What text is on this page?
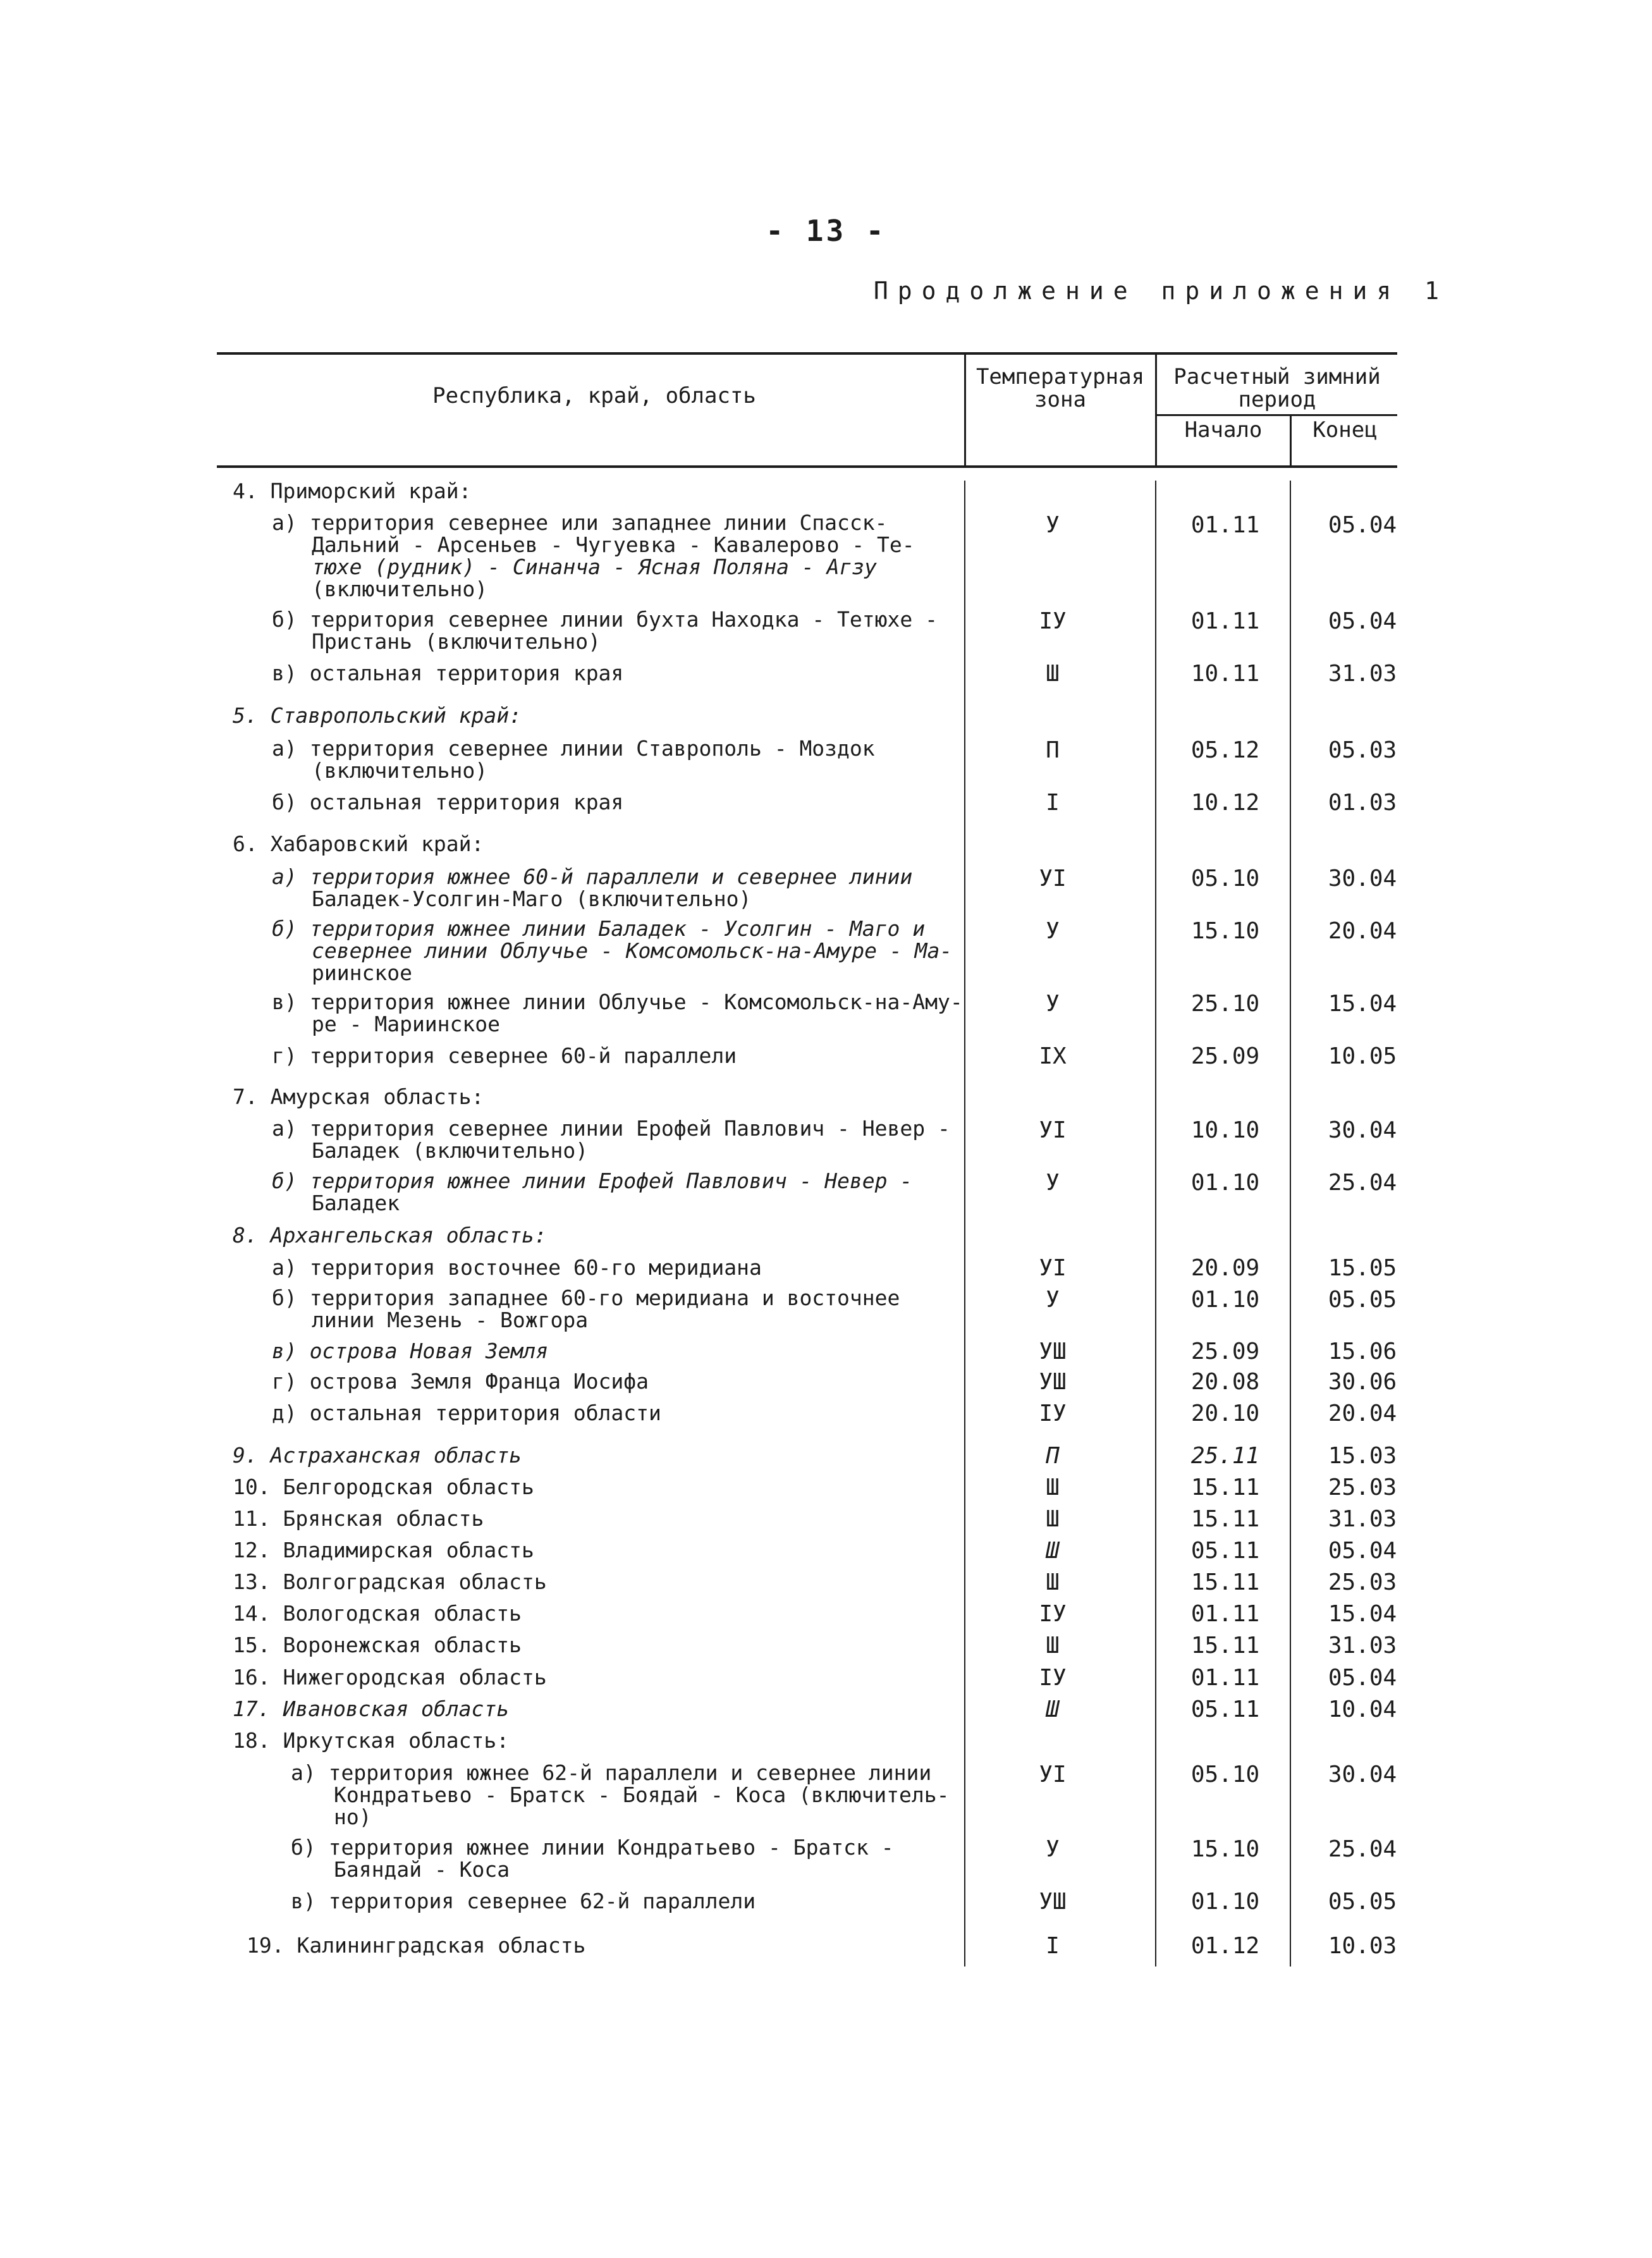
- 13 -
Продолжение приложения 1
Республика, край, область
Температурная зона
Расчетный зимний период
Начало	Конец
4. Приморский край:
а) территория севернее или западнее линии Спасск-
Дальний - Арсеньев - Чугуевка - Кавалерово - Те-
тюхе (рудник) - Синанча - Ясная Поляна - Агзу
(включительно)
У	01.11	05.04
б) территория севернее линии бухта Находка - Тетюхе -
Пристань (включительно)
IУ	01.11	05.04
в) остальная территория края	Ш	10.11	31.03
5. Ставропольский край:
а) территория севернее линии Ставрополь - Моздок
(включительно)
П	05.12	05.03
б) остальная территория края	I	10.12	01.03
6. Хабаровский край:
а) территория южнее 60-й параллели и севернее линии
Баладек-Усолгин-Маго (включительно)
УI	05.10	30.04
б) территория южнее линии Баладек - Усолгин - Маго и
севернее линии Облучье - Комсомольск-на-Амуре - Ма-
риинское
У	15.10	20.04
в) территория южнее линии Облучье - Комсомольск-на-Аму-
ре - Мариинское
У	25.10	15.04
г) территория севернее 60-й параллели	IX	25.09	10.05
7. Амурская область:
а) территория севернее линии Ерофей Павлович - Невер -
Баладек (включительно)
УI	10.10	30.04
б) территория южнее линии Ерофей Павлович - Невер -
Баладек
У	01.10	25.04
8. Архангельская область:
а) территория восточнее 60-го меридиана	УI	20.09	15.05
б) территория западнее 60-го меридиана и восточнее
линии Мезень - Вожгора
У	01.10	05.05
в) острова Новая Земля	УШ	25.09	15.06
г) острова Земля Франца Иосифа	УШ	20.08	30.06
д) остальная территория области	IУ	20.10	20.04
9. Астраханская область	П	25.11	15.03
10. Белгородская область	Ш	15.11	25.03
11. Брянская область	Ш	15.11	31.03
12. Владимирская область	Ш	05.11	05.04
13. Волгоградская область	Ш	15.11	25.03
14. Вологодская область	IУ	01.11	15.04
15. Воронежская область	Ш	15.11	31.03
16. Нижегородская область	IУ	01.11	05.04
17. Ивановская область	Ш	05.11	10.04
18. Иркутская область:
а) территория южнее 62-й параллели и севернее линии
Кондратьево - Братск - Боядай - Коса (включитель-
но)
УI	05.10	30.04
б) территория южнее линии Кондратьево - Братск -
Баяндай - Коса
У	15.10	25.04
в) территория севернее 62-й параллели	УШ	01.10	05.05
19. Калининградская область	I	01.12	10.03
